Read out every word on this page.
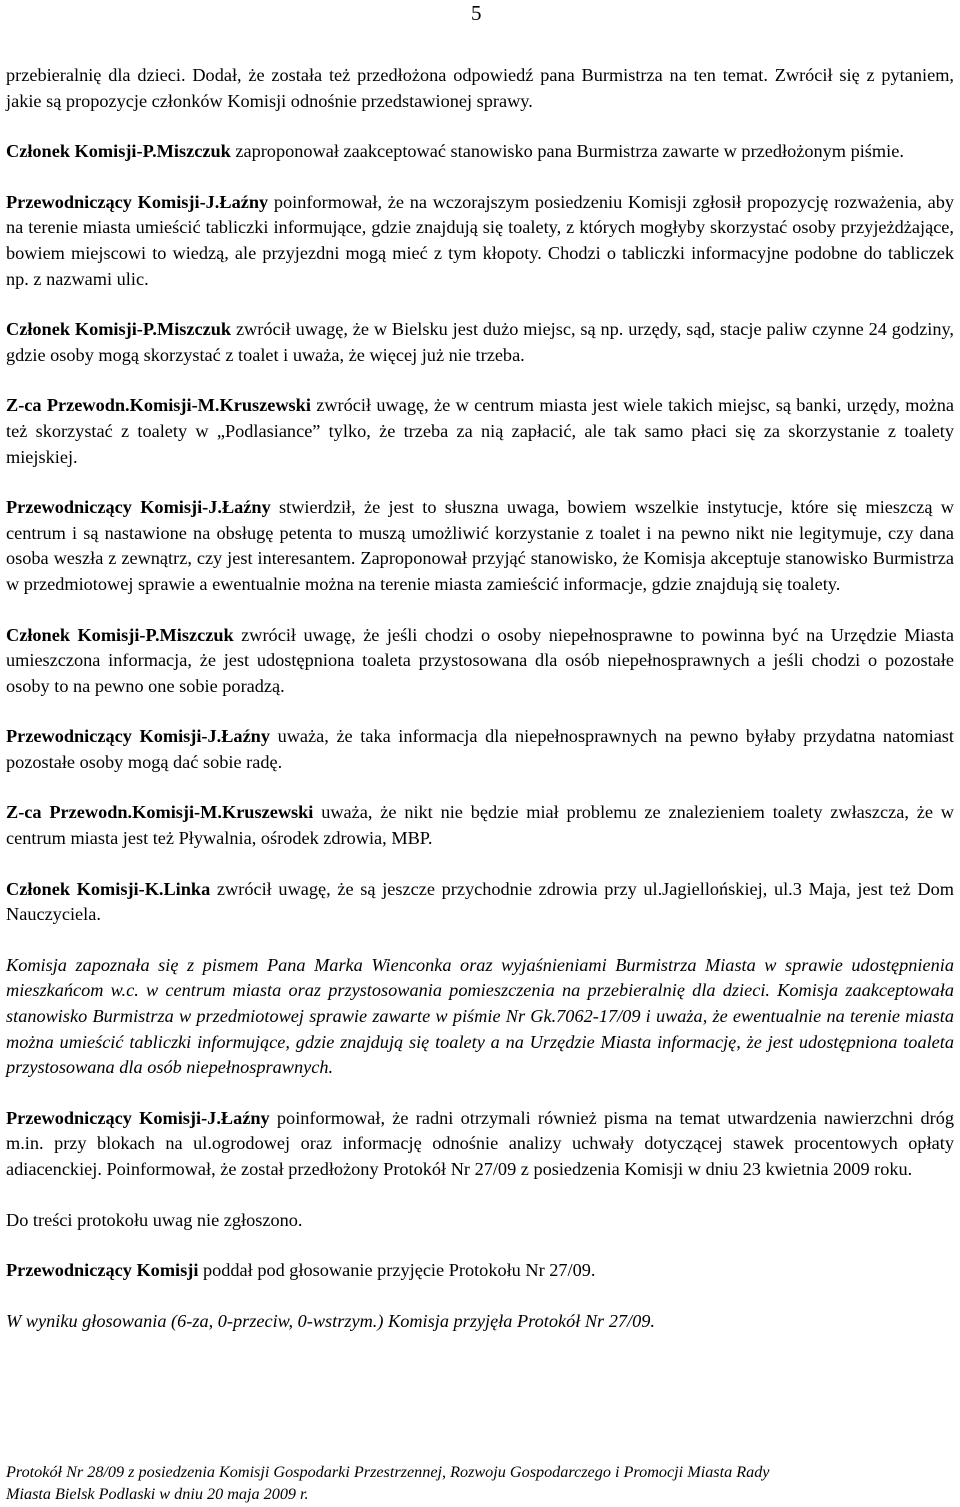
5

przebieralnię dla dzieci. Dodał, że została też przedłożona odpowiedź pana Burmistrza na ten temat. Zwrócił się z pytaniem, jakie są propozycje członków Komisji odnośnie przedstawionej sprawy.

Członek Komisji-P.Miszczuk zaproponował zaakceptować stanowisko pana Burmistrza zawarte w przedłożonym piśmie.

Przewodniczący Komisji-J.Łaźny poinformował, że na wczorajszym posiedzeniu Komisji zgłosił propozycję rozważenia, aby na terenie miasta umieścić tabliczki informujące, gdzie znajdują się toalety, z których mogłyby skorzystać osoby przyjeżdżające, bowiem miejscowi to wiedzą, ale przyjezdni mogą mieć z tym kłopoty. Chodzi o tabliczki informacyjne podobne do tabliczek np. z nazwami ulic.

Członek Komisji-P.Miszczuk zwrócił uwagę, że w Bielsku jest dużo miejsc, są np. urzędy, sąd, stacje paliw czynne 24 godziny, gdzie osoby mogą skorzystać z toalet i uważa, że więcej już nie trzeba.

Z-ca Przewodn.Komisji-M.Kruszewski zwrócił uwagę, że w centrum miasta jest wiele takich miejsc, są banki, urzędy, można też skorzystać z toalety w „Podlasiance” tylko, że trzeba za nią zapłacić, ale tak samo płaci się za skorzystanie z toalety miejskiej.

Przewodniczący Komisji-J.Łaźny stwierdził, że jest to słuszna uwaga, bowiem wszelkie instytucje, które się mieszczą w centrum i są nastawione na obsługę petenta to muszą umożliwić korzystanie z toalet i na pewno nikt nie legitymuje, czy dana osoba weszła z zewnątrz, czy jest interesantem. Zaproponował przyjąć stanowisko, że Komisja akceptuje stanowisko Burmistrza w przedmiotowej sprawie a ewentualnie można na terenie miasta zamieścić informacje, gdzie znajdują się toalety.

Członek Komisji-P.Miszczuk zwrócił uwagę, że jeśli chodzi o osoby niepełnosprawne to powinna być na Urzędzie Miasta umieszczona informacja, że jest udostępniona toaleta przystosowana dla osób niepełnosprawnych a jeśli chodzi o pozostałe osoby to na pewno one sobie poradzą.

Przewodniczący Komisji-J.Łaźny uważa, że taka informacja dla niepełnosprawnych na pewno byłaby przydatna natomiast pozostałe osoby mogą dać sobie radę.

Z-ca Przewodn.Komisji-M.Kruszewski uważa, że nikt nie będzie miał problemu ze znalezieniem toalety zwłaszcza, że w centrum miasta jest też Pływalnia, ośrodek zdrowia, MBP.

Członek Komisji-K.Linka zwrócił uwagę, że są jeszcze przychodnie zdrowia przy ul.Jagiellońskiej, ul.3 Maja, jest też Dom Nauczyciela.

Komisja zapoznała się z pismem Pana Marka Wienconka oraz wyjaśnieniami Burmistrza Miasta w sprawie udostępnienia mieszkańcom w.c. w centrum miasta oraz przystosowania pomieszczenia na przebieralnię dla dzieci. Komisja zaakceptowała stanowisko Burmistrza w przedmiotowej sprawie zawarte w piśmie Nr Gk.7062-17/09 i uważa, że ewentualnie na terenie miasta można umieścić tabliczki informujące, gdzie znajdują się toalety a na Urzędzie Miasta informację, że jest udostępniona toaleta przystosowana dla osób niepełnosprawnych.

Przewodniczący Komisji-J.Łaźny poinformował, że radni otrzymali również pisma na temat utwardzenia nawierzchni dróg m.in. przy blokach na ul.ogrodowej oraz informację odnośnie analizy uchwały dotyczącej stawek procentowych opłaty adiacenckiej. Poinformował, że został przedłożony Protokół Nr 27/09 z posiedzenia Komisji w dniu 23 kwietnia 2009 roku.

Do treści protokołu uwag nie zgłoszono.

Przewodniczący Komisji poddał pod głosowanie przyjęcie Protokołu Nr 27/09.

W wyniku głosowania (6-za, 0-przeciw, 0-wstrzym.) Komisja przyjęła Protokół Nr 27/09.

Protokół Nr 28/09 z posiedzenia Komisji Gospodarki Przestrzennej, Rozwoju Gospodarczego i Promocji Miasta Rady
Miasta Bielsk Podlaski w dniu 20 maja 2009 r.
